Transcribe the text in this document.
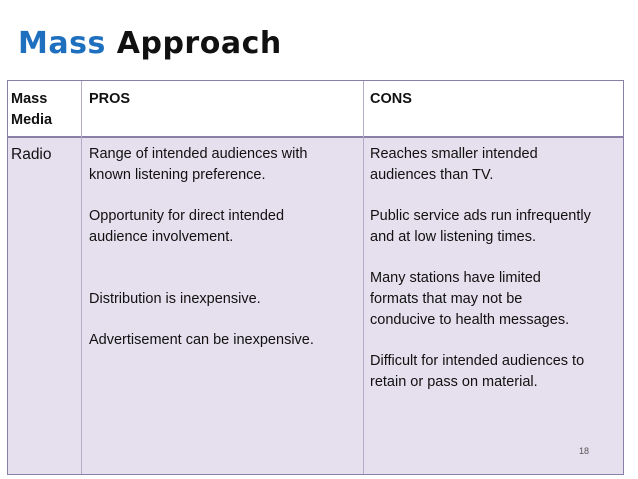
Mass Approach
Mass
Media
PROS	CONS
Radio	Range of intended audiences with
known listening preference.
Opportunity for direct intended
audience involvement.
Distribution is inexpensive.
Advertisement can be inexpensive.
Reaches smaller intended
audiences than TV.
Public service ads run infrequently
and at low listening times.
Many stations have limited
formats that may not be
conducive to health messages.
Difficult for intended audiences to
retain or pass on material.
18
